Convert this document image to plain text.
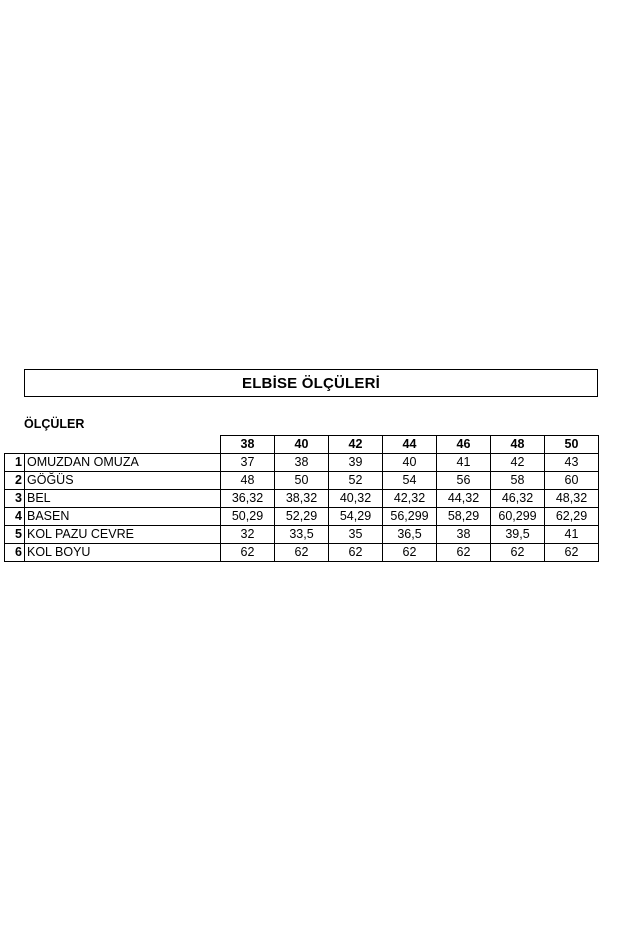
ELBİSE ÖLÇÜLERİ
ÖLÇÜLER
		38	40	42	44	46	48	50
1	OMUZDAN OMUZA	37	38	39	40	41	42	43
2	GÖĞÜS	48	50	52	54	56	58	60
3	BEL	36,32	38,32	40,32	42,32	44,32	46,32	48,32
4	BASEN	50,29	52,29	54,29	56,299	58,29	60,299	62,29
5	KOL PAZU CEVRE	32	33,5	35	36,5	38	39,5	41
6	KOL BOYU	62	62	62	62	62	62	62
